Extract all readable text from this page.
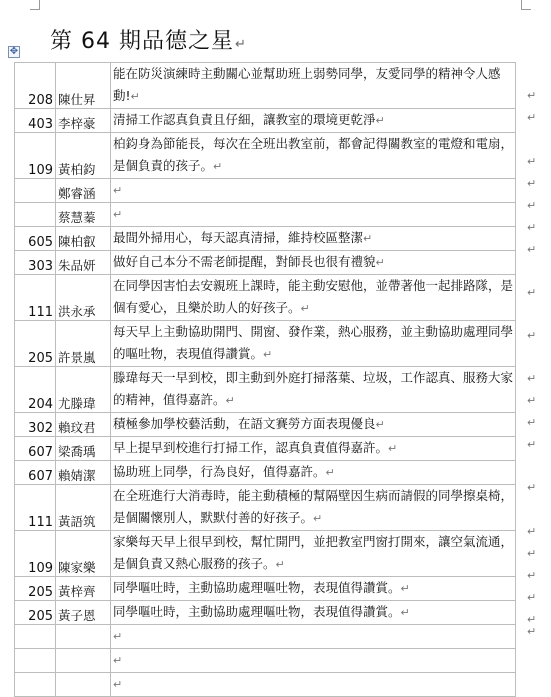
第 64 期品德之星↵
✥
208	陳仕昇	能在防災演練時主動關心並幫助班上弱勢同學，友愛同學的精神令人感動!↵
403	李梓豪	清掃工作認真負責且仔細，讓教室的環境更乾淨↵
109	黃柏鈞	柏鈞身為節能長，每次在全班出教室前，都會記得關教室的電燈和電扇，是個負責的孩子。↵
	鄭睿涵	↵
	蔡慧蓁	↵
605	陳柏叡	最間外掃用心，每天認真清掃，維持校區整潔↵
303	朱品妍	做好自己本分不需老師提醒，對師長也很有禮貌↵
111	洪永承	在同學因害怕去安親班上課時，能主動安慰他，並帶著他一起排路隊，是個有愛心，且樂於助人的好孩子。↵
205	許景嵐	每天早上主動協助開門、開窗、發作業，熱心服務，並主動協助處理同學的嘔吐物，表現值得讚賞。↵
204	尤滕瑋	滕瑋每天一早到校，即主動到外庭打掃落葉、垃圾，工作認真、服務大家的精神，值得嘉許。↵
302	賴玟君	積極參加學校藝活動，在語文賽勞方面表現優良↵
607	梁喬瑀	早上提早到校進行打掃工作，認真負責值得嘉許。↵
607	賴婧潔	協助班上同學，行為良好，值得嘉許。↵
111	黃語筑	在全班進行大消毒時，能主動積極的幫隔壁因生病而請假的同學擦桌椅，是個關懷別人，默默付善的好孩子。↵
109	陳家樂	家樂每天早上很早到校，幫忙開門，並把教室門窗打開來，讓空氣流通，是個負責又熱心服務的孩子。↵
205	黃梓齊	同學嘔吐時，主動協助處理嘔吐物，表現值得讚賞。↵
205	黃子恩	同學嘔吐時，主動協助處理嘔吐物，表現值得讚賞。↵
		↵
		↵
		↵
↵
↵
↵
↵
↵
↵
↵
↵
↵
↵
↵
↵
↵
↵
↵
↵
↵
↵
↵
↵
